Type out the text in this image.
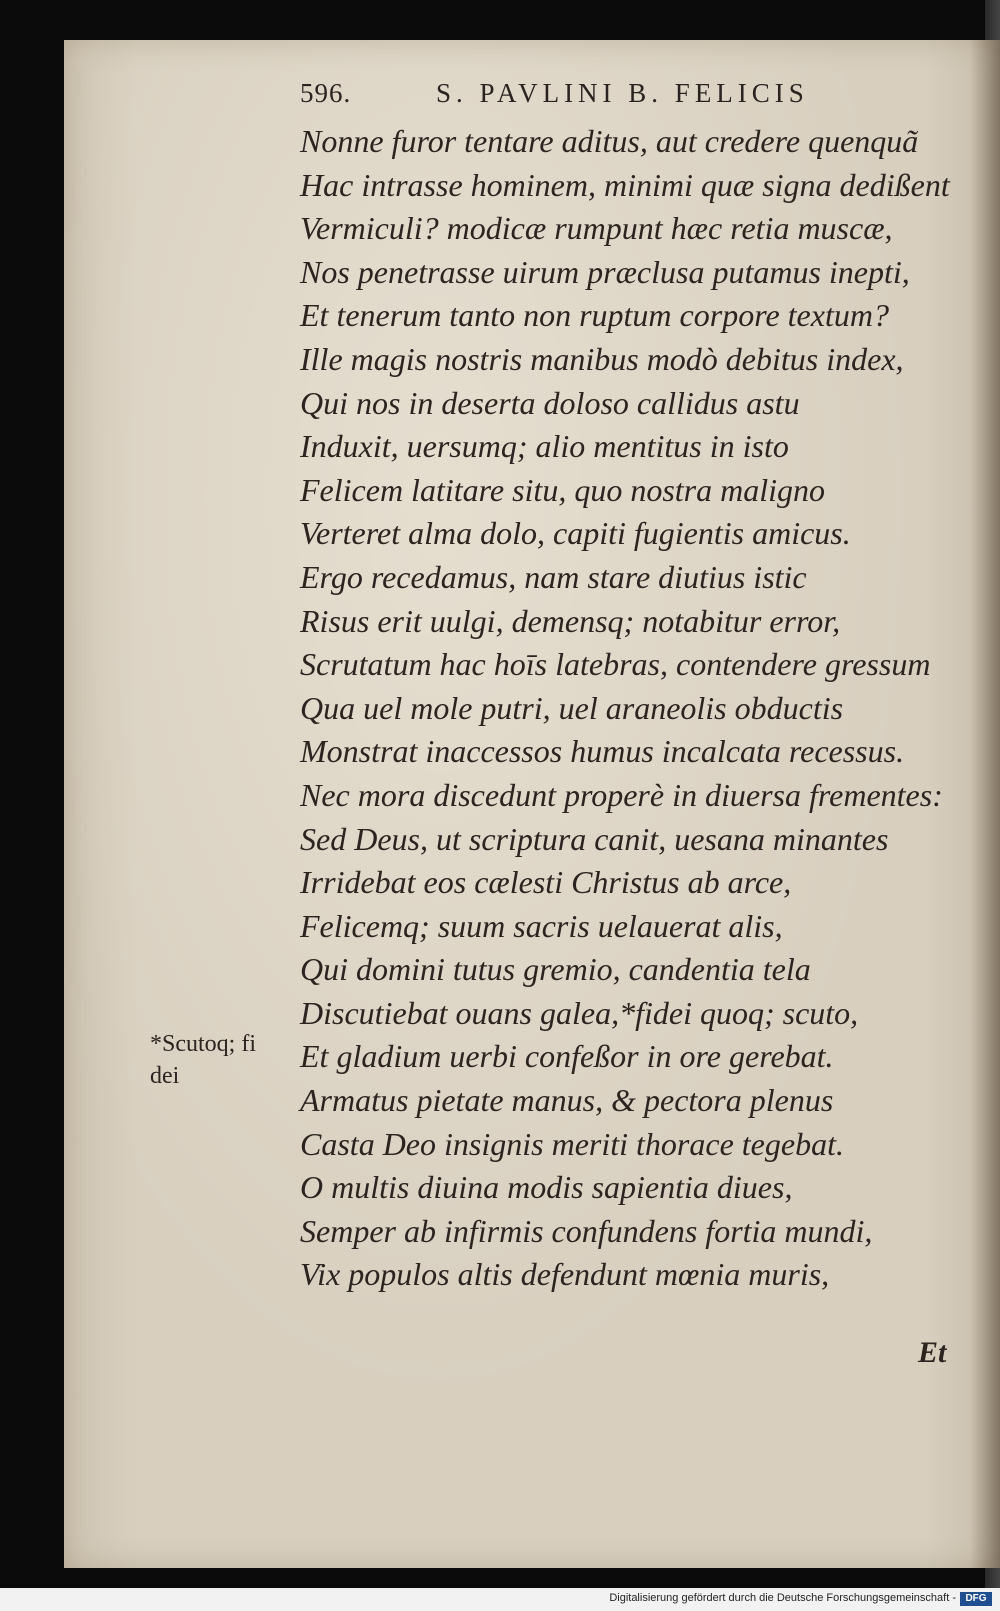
596.	S. PAVLINI B. FELICIS
Nonne furor tentare aditus, aut credere quenquã
Hac intrasse hominem, minimi quæ signa dedißent
Vermiculi? modicæ rumpunt hæc retia muscæ,
Nos penetrasse uirum præclusa putamus inepti,
Et tenerum tanto non ruptum corpore textum?
Ille magis nostris manibus modò debitus index,
Qui nos in deserta doloso callidus astu
Induxit, uersumq; alio mentitus in isto
Felicem latitare situ, quo nostra maligno
Verteret alma dolo, capiti fugientis amicus.
Ergo recedamus, nam stare diutius istic
Risus erit uulgi, demensq; notabitur error,
Scrutatum hac hoīs latebras, contendere gressum
Qua uel mole putri, uel araneolis obductis
Monstrat inaccessos humus incalcata recessus.
Nec mora discedunt properè in diuersa frementes:
Sed Deus, ut scriptura canit, uesana minantes
Irridebat eos cælesti Christus ab arce,
Felicemq; suum sacris uelauerat alis,
Qui domini tutus gremio, candentia tela
Discutiebat ouans galea,*fidei quoq; scuto,
Et gladium uerbi confeßor in ore gerebat.
Armatus pietate manus, & pectora plenus
Casta Deo insignis meriti thorace tegebat.
O multis diuina modis sapientia diues,
Semper ab infirmis confundens fortia mundi,
Vix populos altis defendunt mœnia muris,
*Scutoq; fi
dei
Et
Digitalisierung gefördert durch die Deutsche Forschungsgemeinschaft - DFG
